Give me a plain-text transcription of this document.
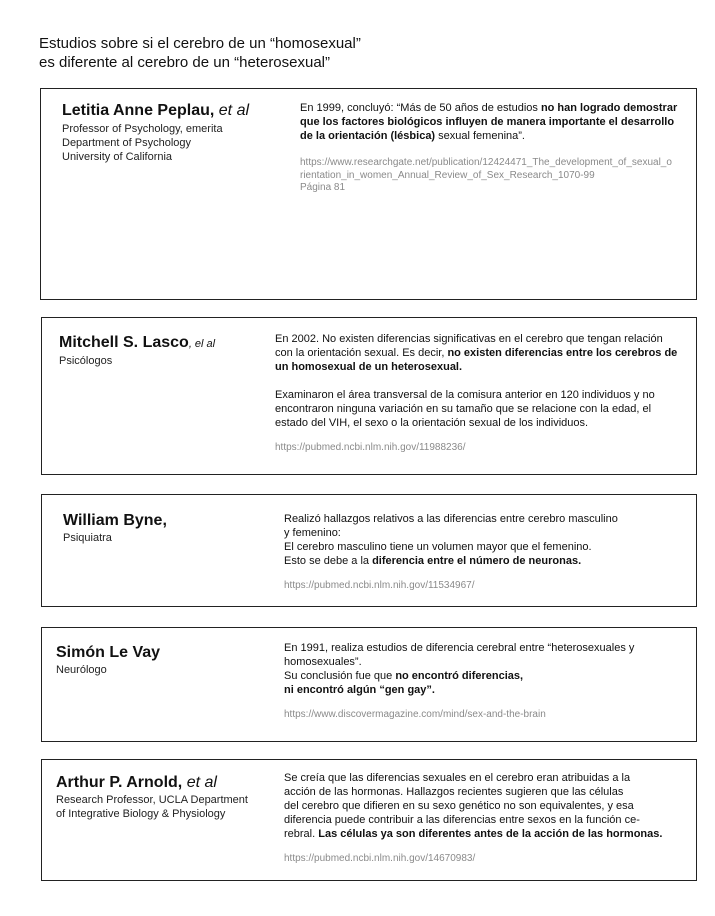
Estudios sobre si el cerebro de un “homosexual”
es diferente al cerebro de un “heterosexual”
Letitia Anne Peplau, et al
Professor of Psychology, emerita
Department of Psychology
University of California

En 1999, concluyó: “Más de 50 años de estudios no han logrado demostrar que los factores biológicos influyen de manera importante el desarrollo de la orientación (lésbica) sexual femenina”.

https://www.researchgate.net/publication/12424471_The_development_of_sexual_orientation_in_women_Annual_Review_of_Sex_Research_1070-99
Página 81
Mitchell S. Lasco, el al
Psicólogos

En 2002. No existen diferencias significativas en el cerebro que tengan relación con la orientación sexual. Es decir, no existen diferencias entre los cerebros de un homosexual de un heterosexual.

Examinaron el área transversal de la comisura anterior en 120 individuos y no encontraron ninguna variación en su tamaño que se relacione con la edad, el estado del VIH, el sexo o la orientación sexual de los individuos.

https://pubmed.ncbi.nlm.nih.gov/11988236/
William Byne,
Psiquiatra
Realizó hallazgos relativos a las diferencias entre cerebro masculino
y femenino:
El cerebro masculino tiene un volumen mayor que el femenino.
Esto se debe a la diferencia entre el número de neuronas.
https://pubmed.ncbi.nlm.nih.gov/11534967/
Simón Le Vay
Neurólogo
En 1991, realiza estudios de diferencia cerebral entre “heterosexuales y
homosexuales”.
Su conclusión fue que no encontró diferencias,
ni encontró algún “gen gay”.
https://www.discovermagazine.com/mind/sex-and-the-brain
Arthur P. Arnold, et al
Research Professor, UCLA Department
of Integrative Biology & Physiology
Se creía que las diferencias sexuales en el cerebro eran atribuidas a la
acción de las hormonas. Hallazgos recientes sugieren que las células
del cerebro que difieren en su sexo genético no son equivalentes, y esa
diferencia puede contribuir a las diferencias entre sexos en la función ce-
rebral. Las células ya son diferentes antes de la acción de las hormonas.
https://pubmed.ncbi.nlm.nih.gov/14670983/
